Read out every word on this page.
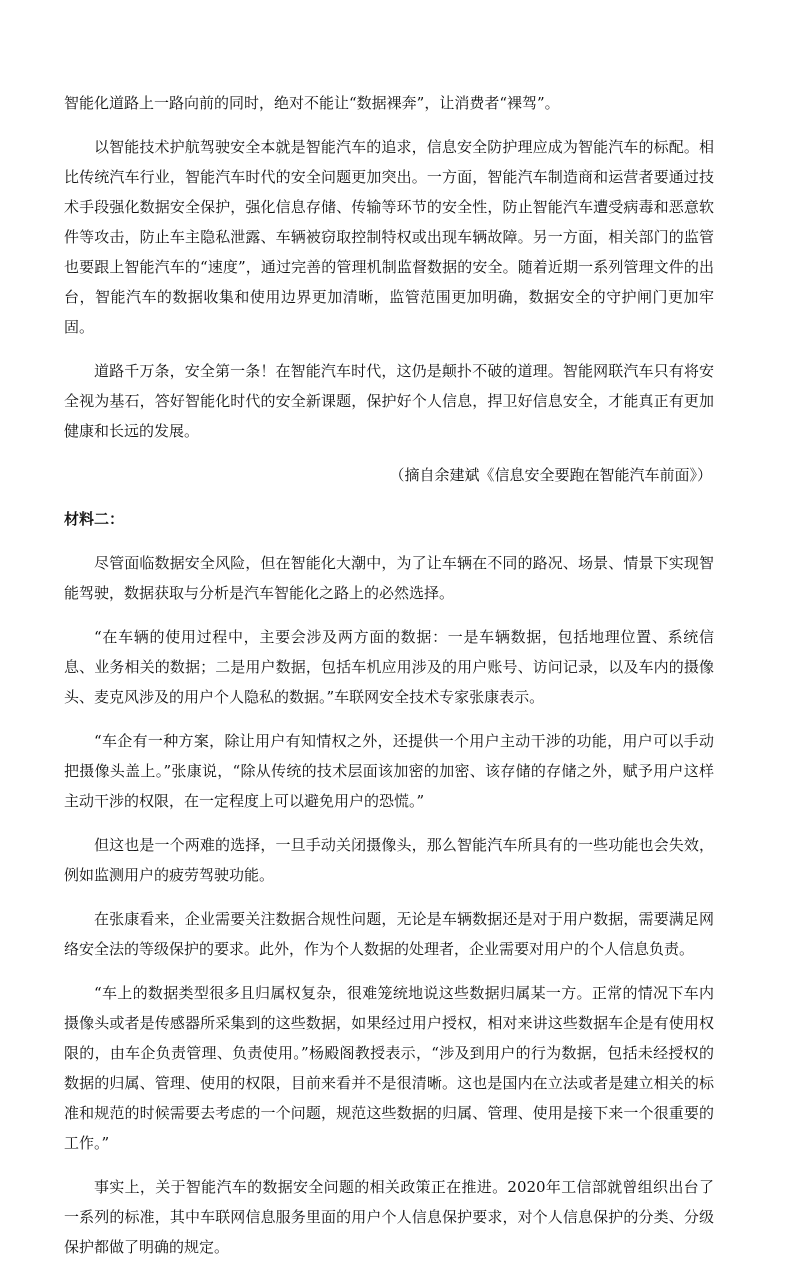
智能化道路上一路向前的同时，绝对不能让“数据裸奔”，让消费者“裸驾”。

以智能技术护航驾驶安全本就是智能汽车的追求，信息安全防护理应成为智能汽车的标配。相比传统汽车行业，智能汽车时代的安全问题更加突出。一方面，智能汽车制造商和运营者要通过技术手段强化数据安全保护，强化信息存储、传输等环节的安全性，防止智能汽车遭受病毒和恶意软件等攻击，防止车主隐私泄露、车辆被窃取控制特权或出现车辆故障。另一方面，相关部门的监管也要跟上智能汽车的“速度”，通过完善的管理机制监督数据的安全。随着近期一系列管理文件的出台，智能汽车的数据收集和使用边界更加清晰，监管范围更加明确，数据安全的守护闸门更加牢固。

道路千万条，安全第一条！在智能汽车时代，这仍是颠扑不破的道理。智能网联汽车只有将安全视为基石，答好智能化时代的安全新课题，保护好个人信息，捍卫好信息安全，才能真正有更加健康和长远的发展。

（摘自余建斌《信息安全要跑在智能汽车前面》）

材料二：

尽管面临数据安全风险，但在智能化大潮中，为了让车辆在不同的路况、场景、情景下实现智能驾驶，数据获取与分析是汽车智能化之路上的必然选择。

“在车辆的使用过程中，主要会涉及两方面的数据：一是车辆数据，包括地理位置、系统信息、业务相关的数据；二是用户数据，包括车机应用涉及的用户账号、访问记录，以及车内的摄像头、麦克风涉及的用户个人隐私的数据。”车联网安全技术专家张康表示。

“车企有一种方案，除让用户有知情权之外，还提供一个用户主动干涉的功能，用户可以手动把摄像头盖上。”张康说，“除从传统的技术层面该加密的加密、该存储的存储之外，赋予用户这样主动干涉的权限，在一定程度上可以避免用户的恐慌。”

但这也是一个两难的选择，一旦手动关闭摄像头，那么智能汽车所具有的一些功能也会失效，例如监测用户的疲劳驾驶功能。

在张康看来，企业需要关注数据合规性问题，无论是车辆数据还是对于用户数据，需要满足网络安全法的等级保护的要求。此外，作为个人数据的处理者，企业需要对用户的个人信息负责。

“车上的数据类型很多且归属权复杂，很难笼统地说这些数据归属某一方。正常的情况下车内摄像头或者是传感器所采集到的这些数据，如果经过用户授权，相对来讲这些数据车企是有使用权限的，由车企负责管理、负责使用。”杨殿阁教授表示，“涉及到用户的行为数据，包括未经授权的数据的归属、管理、使用的权限，目前来看并不是很清晰。这也是国内在立法或者是建立相关的标准和规范的时候需要去考虑的一个问题，规范这些数据的归属、管理、使用是接下来一个很重要的工作。”

事实上，关于智能汽车的数据安全问题的相关政策正在推进。2020年工信部就曾组织出台了一系列的标准，其中车联网信息服务里面的用户个人信息保护要求，对个人信息保护的分类、分级保护都做了明确的规定。
